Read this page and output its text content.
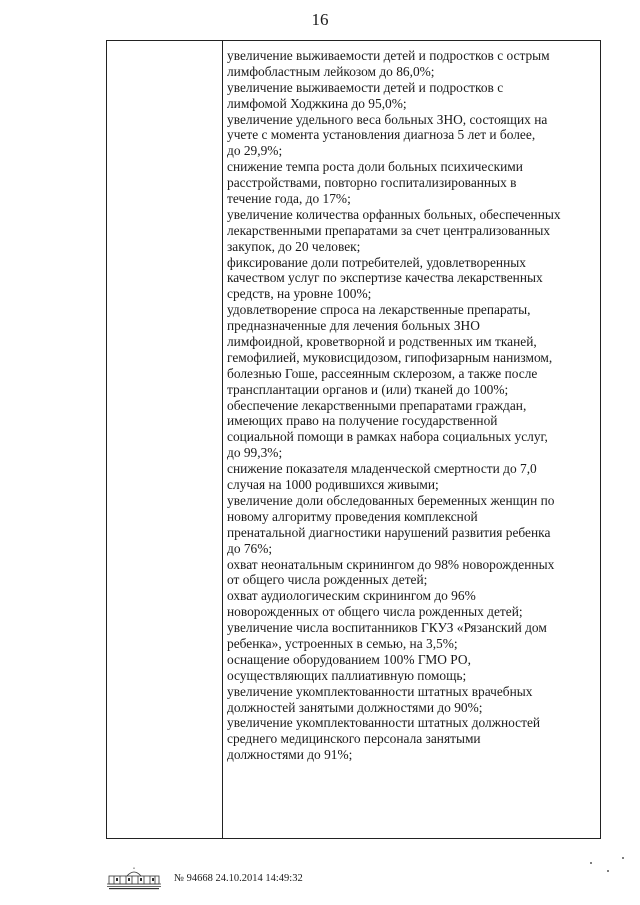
16
увеличение выживаемости детей и подростков с острым
лимфобластным лейкозом до 86,0%;
увеличение выживаемости детей и подростков с
лимфомой Ходжкина до 95,0%;
увеличение удельного веса больных ЗНО, состоящих на
учете с момента установления диагноза 5 лет и более,
до 29,9%;
снижение темпа роста доли больных психическими
расстройствами, повторно госпитализированных в
течение года, до 17%;
увеличение количества орфанных больных, обеспеченных
лекарственными препаратами за счет централизованных
закупок, до 20 человек;
фиксирование доли потребителей, удовлетворенных
качеством услуг по экспертизе качества лекарственных
средств, на уровне 100%;
удовлетворение спроса на лекарственные препараты,
предназначенные для лечения больных ЗНО
лимфоидной, кроветворной и родственных им тканей,
гемофилией, муковисцидозом, гипофизарным нанизмом,
болезнью Гоше, рассеянным склерозом, а также после
трансплантации органов и (или) тканей до 100%;
обеспечение лекарственными препаратами граждан,
имеющих право на получение государственной
социальной помощи в рамках набора социальных услуг,
до 99,3%;
снижение показателя младенческой смертности до 7,0
случая на 1000 родившихся живыми;
увеличение доли обследованных беременных женщин по
новому алгоритму проведения комплексной
пренатальной диагностики нарушений развития ребенка
до 76%;
охват неонатальным скринингом до 98% новорожденных
от общего числа рожденных детей;
охват аудиологическим скринингом до 96%
новорожденных от общего числа рожденных детей;
увеличение числа воспитанников ГКУЗ «Рязанский дом
ребенка», устроенных в семью, на 3,5%;
оснащение оборудованием 100% ГМО РО,
осуществляющих паллиативную помощь;
увеличение укомплектованности штатных врачебных
должностей занятыми должностями до 90%;
увеличение укомплектованности штатных должностей
среднего медицинского персонала занятыми
должностями до 91%;
№ 94668 24.10.2014 14:49:32
